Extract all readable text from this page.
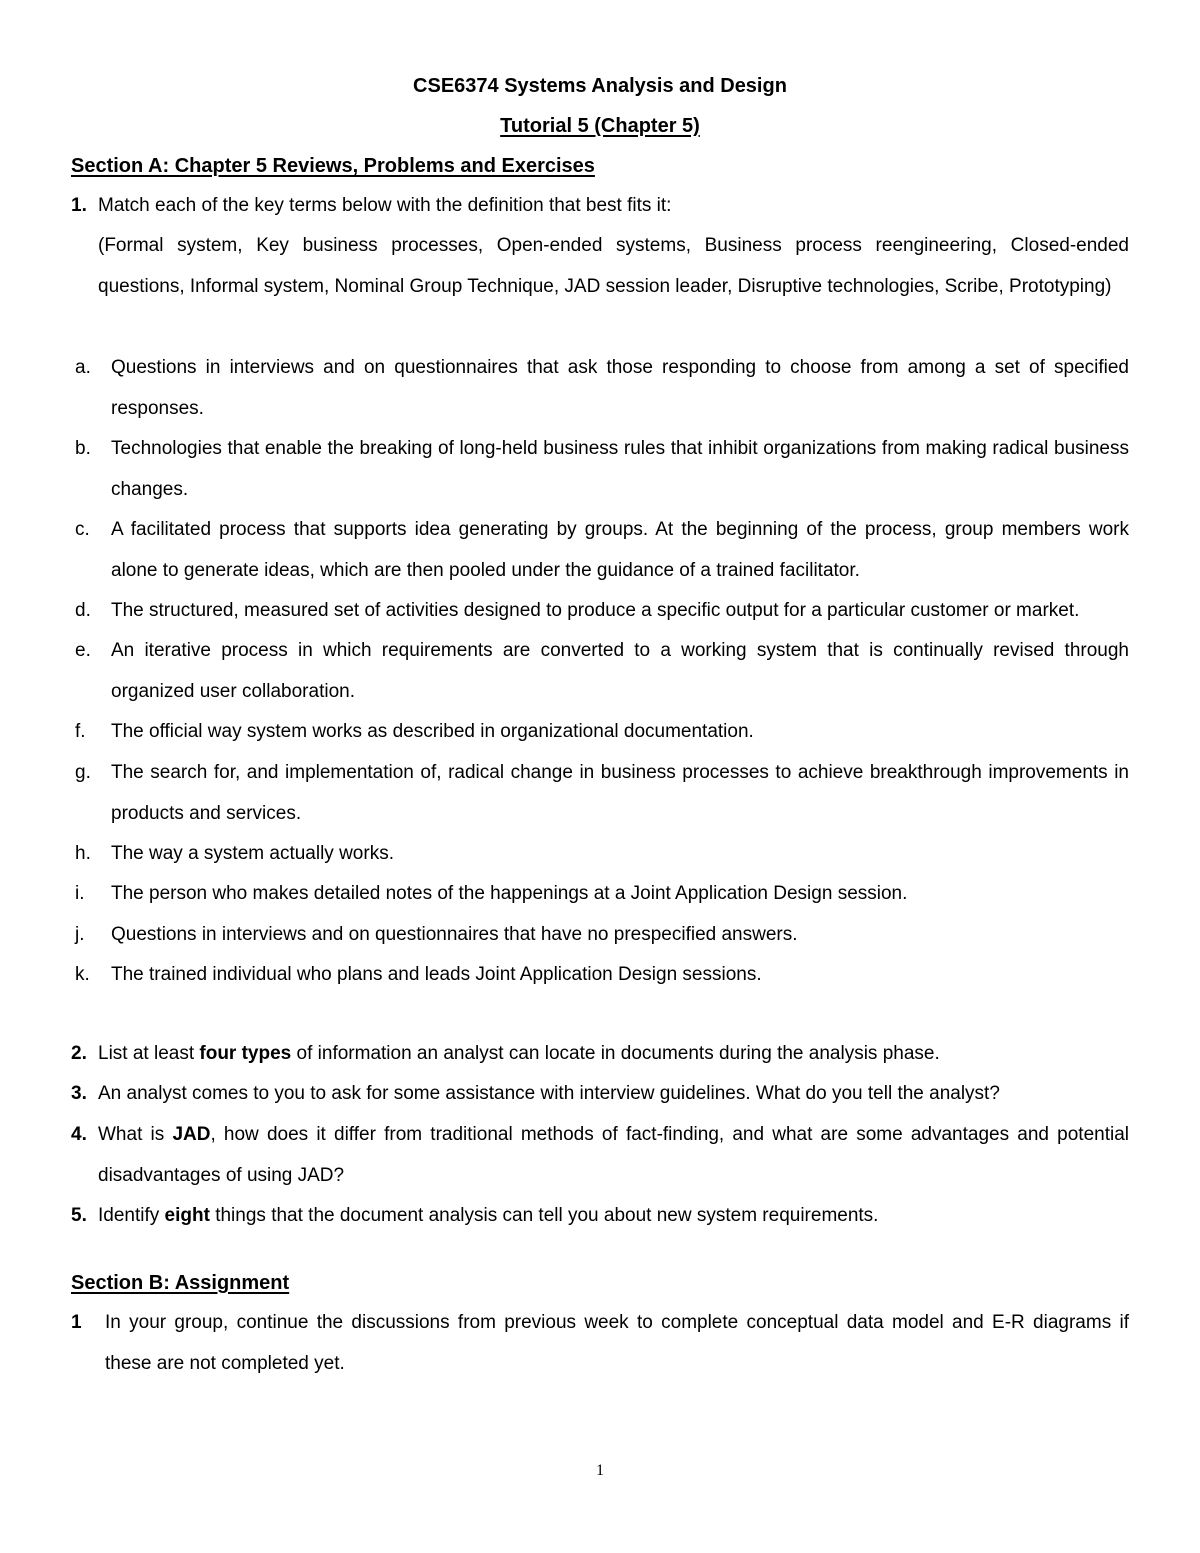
CSE6374 Systems Analysis and Design
Tutorial 5 (Chapter 5)
Section A: Chapter 5 Reviews, Problems and Exercises
1. Match each of the key terms below with the definition that best fits it:
(Formal system, Key business processes, Open-ended systems, Business process reengineering, Closed-ended questions, Informal system, Nominal Group Technique, JAD session leader, Disruptive technologies, Scribe, Prototyping)
a. Questions in interviews and on questionnaires that ask those responding to choose from among a set of specified responses.
b. Technologies that enable the breaking of long-held business rules that inhibit organizations from making radical business changes.
c. A facilitated process that supports idea generating by groups. At the beginning of the process, group members work alone to generate ideas, which are then pooled under the guidance of a trained facilitator.
d. The structured, measured set of activities designed to produce a specific output for a particular customer or market.
e. An iterative process in which requirements are converted to a working system that is continually revised through organized user collaboration.
f. The official way system works as described in organizational documentation.
g. The search for, and implementation of, radical change in business processes to achieve breakthrough improvements in products and services.
h. The way a system actually works.
i. The person who makes detailed notes of the happenings at a Joint Application Design session.
j. Questions in interviews and on questionnaires that have no prespecified answers.
k. The trained individual who plans and leads Joint Application Design sessions.
2. List at least four types of information an analyst can locate in documents during the analysis phase.
3. An analyst comes to you to ask for some assistance with interview guidelines. What do you tell the analyst?
4. What is JAD, how does it differ from traditional methods of fact-finding, and what are some advantages and potential disadvantages of using JAD?
5. Identify eight things that the document analysis can tell you about new system requirements.
Section B: Assignment
1 In your group, continue the discussions from previous week to complete conceptual data model and E-R diagrams if these are not completed yet.
1
